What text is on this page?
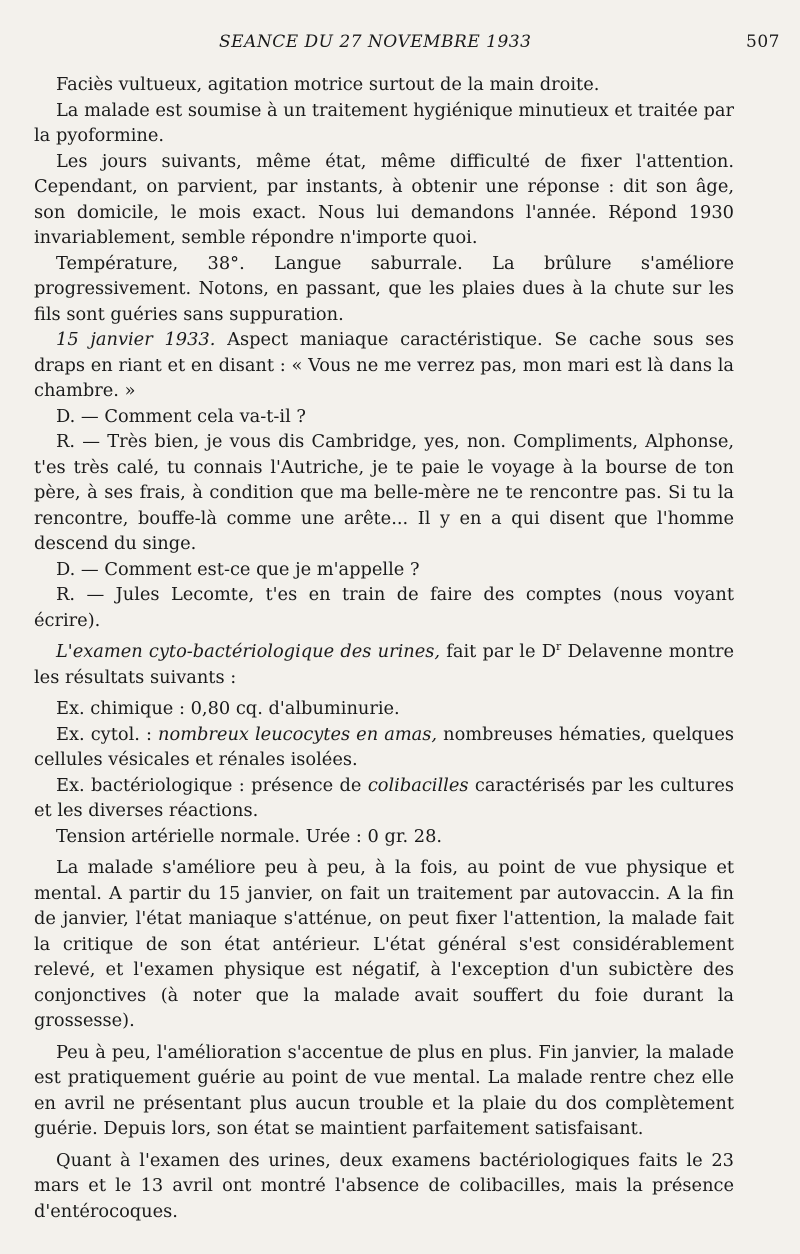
SEANCE DU 27 NOVEMBRE 1933	507

Faciès vultueux, agitation motrice surtout de la main droite.

La malade est soumise à un traitement hygiénique minutieux et traitée par la pyoformine.

Les jours suivants, même état, même difficulté de fixer l'attention. Cependant, on parvient, par instants, à obtenir une réponse : dit son âge, son domicile, le mois exact. Nous lui demandons l'année. Répond 1930 invariablement, semble répondre n'importe quoi.

Température, 38°. Langue saburrale. La brûlure s'améliore progressivement. Notons, en passant, que les plaies dues à la chute sur les fils sont guéries sans suppuration.

15 janvier 1933. Aspect maniaque caractéristique. Se cache sous ses draps en riant et en disant : « Vous ne me verrez pas, mon mari est là dans la chambre. »

D. — Comment cela va-t-il ?

R. — Très bien, je vous dis Cambridge, yes, non. Compliments, Alphonse, t'es très calé, tu connais l'Autriche, je te paie le voyage à la bourse de ton père, à ses frais, à condition que ma belle-mère ne te rencontre pas. Si tu la rencontre, bouffe-là comme une arête... Il y en a qui disent que l'homme descend du singe.

D. — Comment est-ce que je m'appelle ?

R. — Jules Lecomte, t'es en train de faire des comptes (nous voyant écrire).

L'examen cyto-bactériologique des urines, fait par le $D^r$ Delavenne montre les résultats suivants :

Ex. chimique : 0,80 cq. d'albuminurie.

Ex. cytol. : nombreux leucocytes en amas, nombreuses hématies, quelques cellules vésicales et rénales isolées.

Ex. bactériologique : présence de colibacilles caractérisés par les cultures et les diverses réactions.

Tension artérielle normale. Urée : 0 gr. 28.

La malade s'améliore peu à peu, à la fois, au point de vue physique et mental. A partir du 15 janvier, on fait un traitement par autovaccin. A la fin de janvier, l'état maniaque s'atténue, on peut fixer l'attention, la malade fait la critique de son état antérieur. L'état général s'est considérablement relevé, et l'examen physique est négatif, à l'exception d'un subictère des conjonctives (à noter que la malade avait souffert du foie durant la grossesse).

Peu à peu, l'amélioration s'accentue de plus en plus. Fin janvier, la malade est pratiquement guérie au point de vue mental. La malade rentre chez elle en avril ne présentant plus aucun trouble et la plaie du dos complètement guérie. Depuis lors, son état se maintient parfaitement satisfaisant.

Quant à l'examen des urines, deux examens bactériologiques faits le 23 mars et le 13 avril ont montré l'absence de colibacilles, mais la présence d'entérocoques.
